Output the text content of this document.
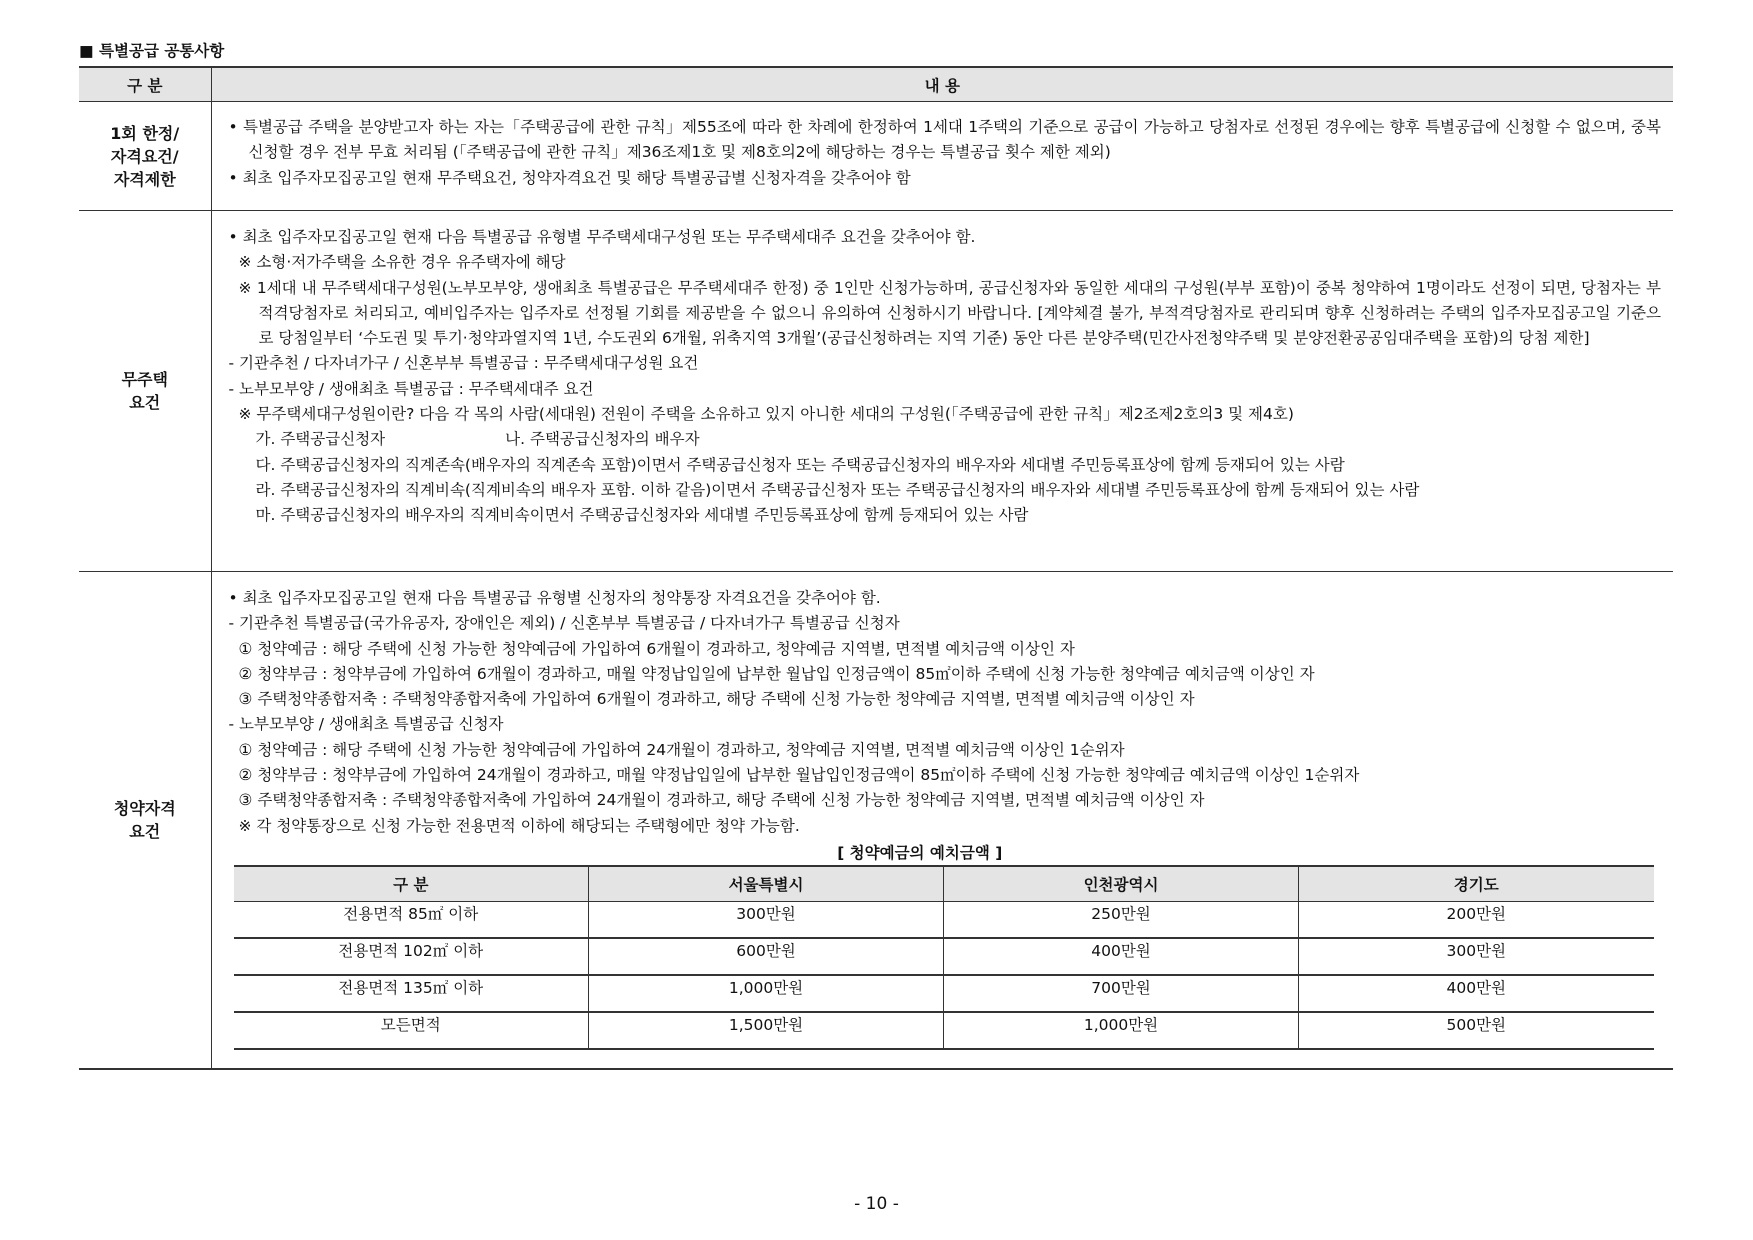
■ 특별공급 공통사항
구 분	내 용

1회 한정/
자격요건/
자격제한

• 특별공급 주택을 분양받고자 하는 자는「주택공급에 관한 규칙」제55조에 따라 한 차례에 한정하여 1세대 1주택의 기준으로 공급이 가능하고 당첨자로 선정된 경우에는 향후 특별공급에 신청할 수 없으며, 중복신청할 경우 전부 무효 처리됨 (「주택공급에 관한 규칙」제36조제1호 및 제8호의2에 해당하는 경우는 특별공급 횟수 제한 제외)
• 최초 입주자모집공고일 현재 무주택요건, 청약자격요건 및 해당 특별공급별 신청자격을 갖추어야 함

무주택
요건

• 최초 입주자모집공고일 현재 다음 특별공급 유형별 무주택세대구성원 또는 무주택세대주 요건을 갖추어야 함.
※ 소형·저가주택을 소유한 경우 유주택자에 해당
※ 1세대 내 무주택세대구성원(노부모부양, 생애최초 특별공급은 무주택세대주 한정) 중 1인만 신청가능하며, 공급신청자와 동일한 세대의 구성원(부부 포함)이 중복 청약하여 1명이라도 선정이 되면, 당첨자는 부적격당첨자로 처리되고, 예비입주자는 입주자로 선정될 기회를 제공받을 수 없으니 유의하여 신청하시기 바랍니다. [계약체결 불가, 부적격당첨자로 관리되며 향후 신청하려는 주택의 입주자모집공고일 기준으로 당첨일부터 ‘수도권 및 투기·청약과열지역 1년, 수도권외 6개월, 위축지역 3개월’(공급신청하려는 지역 기준) 동안 다른 분양주택(민간사전청약주택 및 분양전환공공임대주택을 포함)의 당첨 제한]
- 기관추천 / 다자녀가구 / 신혼부부 특별공급 : 무주택세대구성원 요건
- 노부모부양 / 생애최초 특별공급 : 무주택세대주 요건
※ 무주택세대구성원이란? 다음 각 목의 사람(세대원) 전원이 주택을 소유하고 있지 아니한 세대의 구성원(「주택공급에 관한 규칙」제2조제2호의3 및 제4호)
가. 주택공급신청자	나. 주택공급신청자의 배우자
다. 주택공급신청자의 직계존속(배우자의 직계존속 포함)이면서 주택공급신청자 또는 주택공급신청자의 배우자와 세대별 주민등록표상에 함께 등재되어 있는 사람
라. 주택공급신청자의 직계비속(직계비속의 배우자 포함. 이하 같음)이면서 주택공급신청자 또는 주택공급신청자의 배우자와 세대별 주민등록표상에 함께 등재되어 있는 사람
마. 주택공급신청자의 배우자의 직계비속이면서 주택공급신청자와 세대별 주민등록표상에 함께 등재되어 있는 사람

청약자격
요건

• 최초 입주자모집공고일 현재 다음 특별공급 유형별 신청자의 청약통장 자격요건을 갖추어야 함.
- 기관추천 특별공급(국가유공자, 장애인은 제외) / 신혼부부 특별공급 / 다자녀가구 특별공급 신청자
① 청약예금 : 해당 주택에 신청 가능한 청약예금에 가입하여 6개월이 경과하고, 청약예금 지역별, 면적별 예치금액 이상인 자
② 청약부금 : 청약부금에 가입하여 6개월이 경과하고, 매월 약정납입일에 납부한 월납입 인정금액이 85㎡이하 주택에 신청 가능한 청약예금 예치금액 이상인 자
③ 주택청약종합저축 : 주택청약종합저축에 가입하여 6개월이 경과하고, 해당 주택에 신청 가능한 청약예금 지역별, 면적별 예치금액 이상인 자
- 노부모부양 / 생애최초 특별공급 신청자
① 청약예금 : 해당 주택에 신청 가능한 청약예금에 가입하여 24개월이 경과하고, 청약예금 지역별, 면적별 예치금액 이상인 1순위자
② 청약부금 : 청약부금에 가입하여 24개월이 경과하고, 매월 약정납입일에 납부한 월납입인정금액이 85㎡이하 주택에 신청 가능한 청약예금 예치금액 이상인 1순위자
③ 주택청약종합저축 : 주택청약종합저축에 가입하여 24개월이 경과하고, 해당 주택에 신청 가능한 청약예금 지역별, 면적별 예치금액 이상인 자
※ 각 청약통장으로 신청 가능한 전용면적 이하에 해당되는 주택형에만 청약 가능함.
[ 청약예금의 예치금액 ]
구 분	서울특별시	인천광역시	경기도
전용면적 85㎡ 이하	300만원	250만원	200만원
전용면적 102㎡ 이하	600만원	400만원	300만원
전용면적 135㎡ 이하	1,000만원	700만원	400만원
모든면적	1,500만원	1,000만원	500만원
- 10 -
